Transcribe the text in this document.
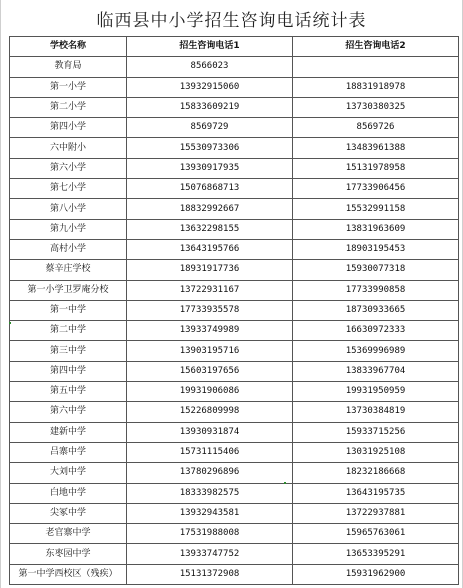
临西县中小学招生咨询电话统计表
学校名称	招生咨询电话1	招生咨询电话2
教育局	8566023	
第一小学	13932915060	18831918978
第二小学	15833609219	13730380325
第四小学	8569729	8569726
六中附小	15530973306	13483961388
第六小学	13930917935	15131978958
第七小学	15076868713	17733906456
第八小学	18832992667	15532991158
第九小学	13632298155	13831963609
高村小学	13643195766	18903195453
蔡辛庄学校	18931917736	15930077318
第一小学卫罗庵分校	13722931167	17733990858
第一中学	17733935578	18730933665
第二中学	13933749989	16630972333
第三中学	13903195716	15369996989
第四中学	15603197656	13833967704
第五中学	19931906086	19931950959
第六中学	15226809998	13730384819
建新中学	13930931874	15933715256
吕寨中学	15731115406	13031925108
大刘中学	13780296896	18232186668
白地中学	18333982575	13643195735
尖冢中学	13932943581	13722937881
老官寨中学	17531988008	15965763061
东枣园中学	13933747752	13653395291
第一中学西校区（残疾）	15131372908	15931962900
